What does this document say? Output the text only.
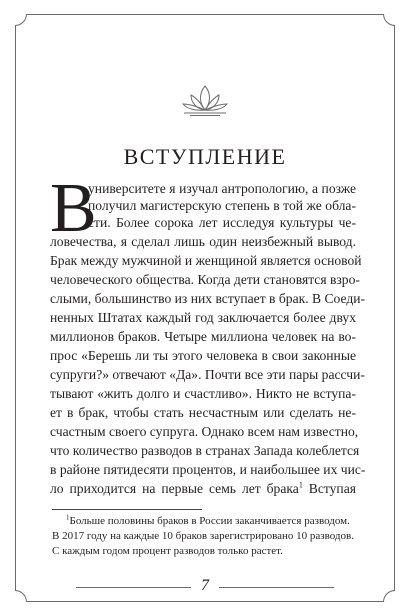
ВСТУПЛЕНИЕ
В
университете я изучал антропологию, а позже
получил магистерскую степень в той же обла-
сти. Более сорока лет исследуя культуры че-
ловечества, я сделал лишь один неизбежный вывод.
Брак между мужчиной и женщиной является основой
человеческого общества. Когда дети становятся взро-
слыми, большинство из них вступает в брак. В Соеди-
ненных Штатах каждый год заключается более двух
миллионов браков. Четыре миллиона человек на во-
прос «Берешь ли ты этого человека в свои законные
супруги?» отвечают «Да». Почти все эти пары рассчи-
тывают «жить долго и счастливо». Никто не вступа-
ет в брак, чтобы стать несчастным или сделать не-
счастным своего супруга. Однако всем нам известно,
что количество разводов в странах Запада колеблется
в районе пятидесяти процентов, и наибольшее их чис-
ло приходится на первые семь лет брака$^1$ Вступая
$^1$Больше половины браков в России заканчивается разводом.
В 2017 году на каждые 10 браков зарегистрировано 10 разводов.
С каждым годом процент разводов только растет.
7
